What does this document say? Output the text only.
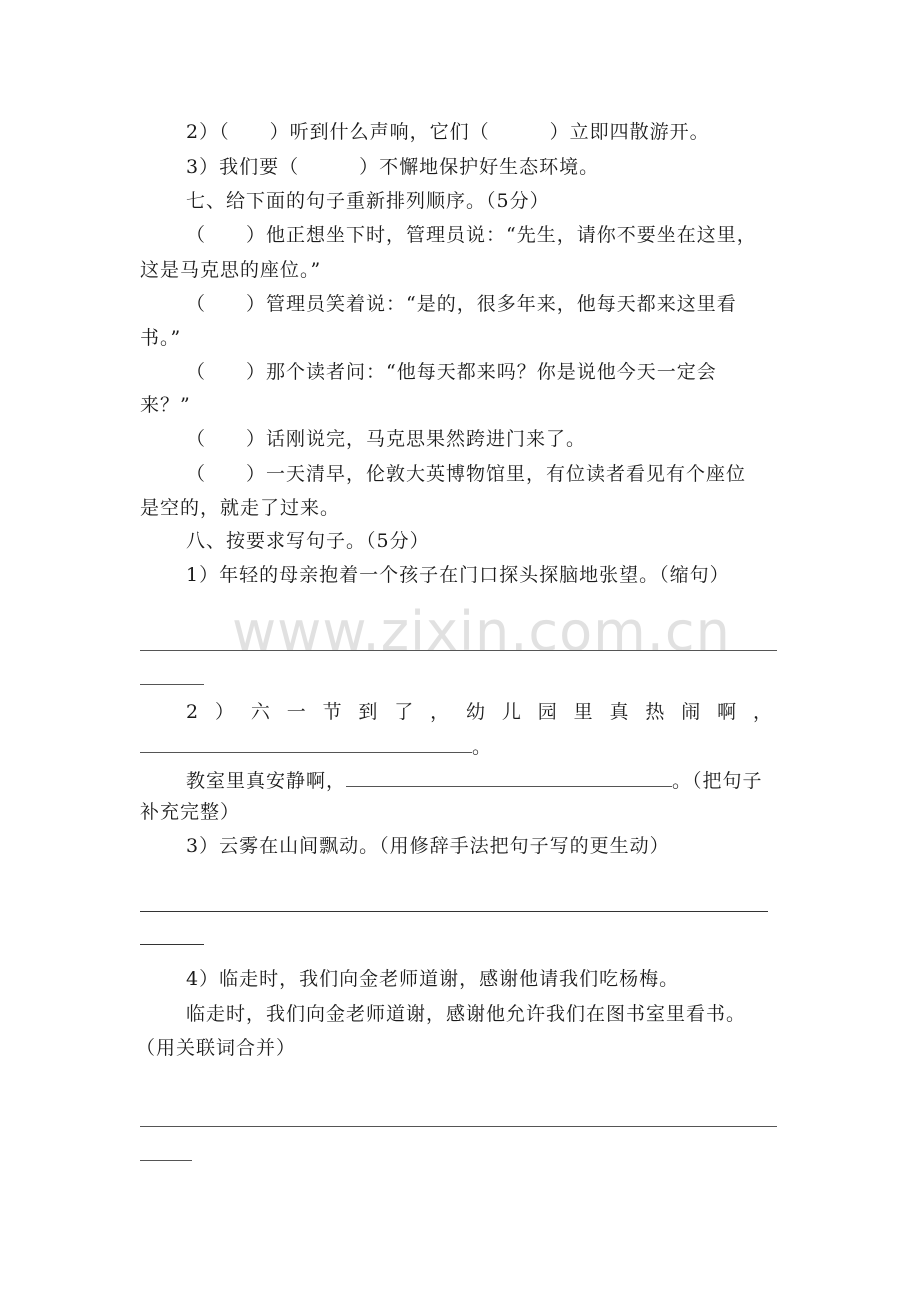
2）（　　）听到什么声响，它们（　　　）立即四散游开。
3）我们要（　　　）不懈地保护好生态环境。
七、给下面的句子重新排列顺序。（5分）
（　　）他正想坐下时，管理员说：“先生，请你不要坐在这里，
这是马克思的座位。”
（　　）管理员笑着说：“是的，很多年来，他每天都来这里看
书。”
（　　）那个读者问：“他每天都来吗？你是说他今天一定会
来？”
（　　）话刚说完，马克思果然跨进门来了。
（　　）一天清早，伦敦大英博物馆里，有位读者看见有个座位
是空的，就走了过来。
八、按要求写句子。（5分）
1）年轻的母亲抱着一个孩子在门口探头探脑地张望。（缩句）
www.zixin.com.cn
2）六一节到了，幼儿园里真热闹啊，
。
教室里真安静啊，	。（把句子
补充完整）
3）云雾在山间飘动。（用修辞手法把句子写的更生动）
4）临走时，我们向金老师道谢，感谢他请我们吃杨梅。
临走时，我们向金老师道谢，感谢他允许我们在图书室里看书。
（用关联词合并）
